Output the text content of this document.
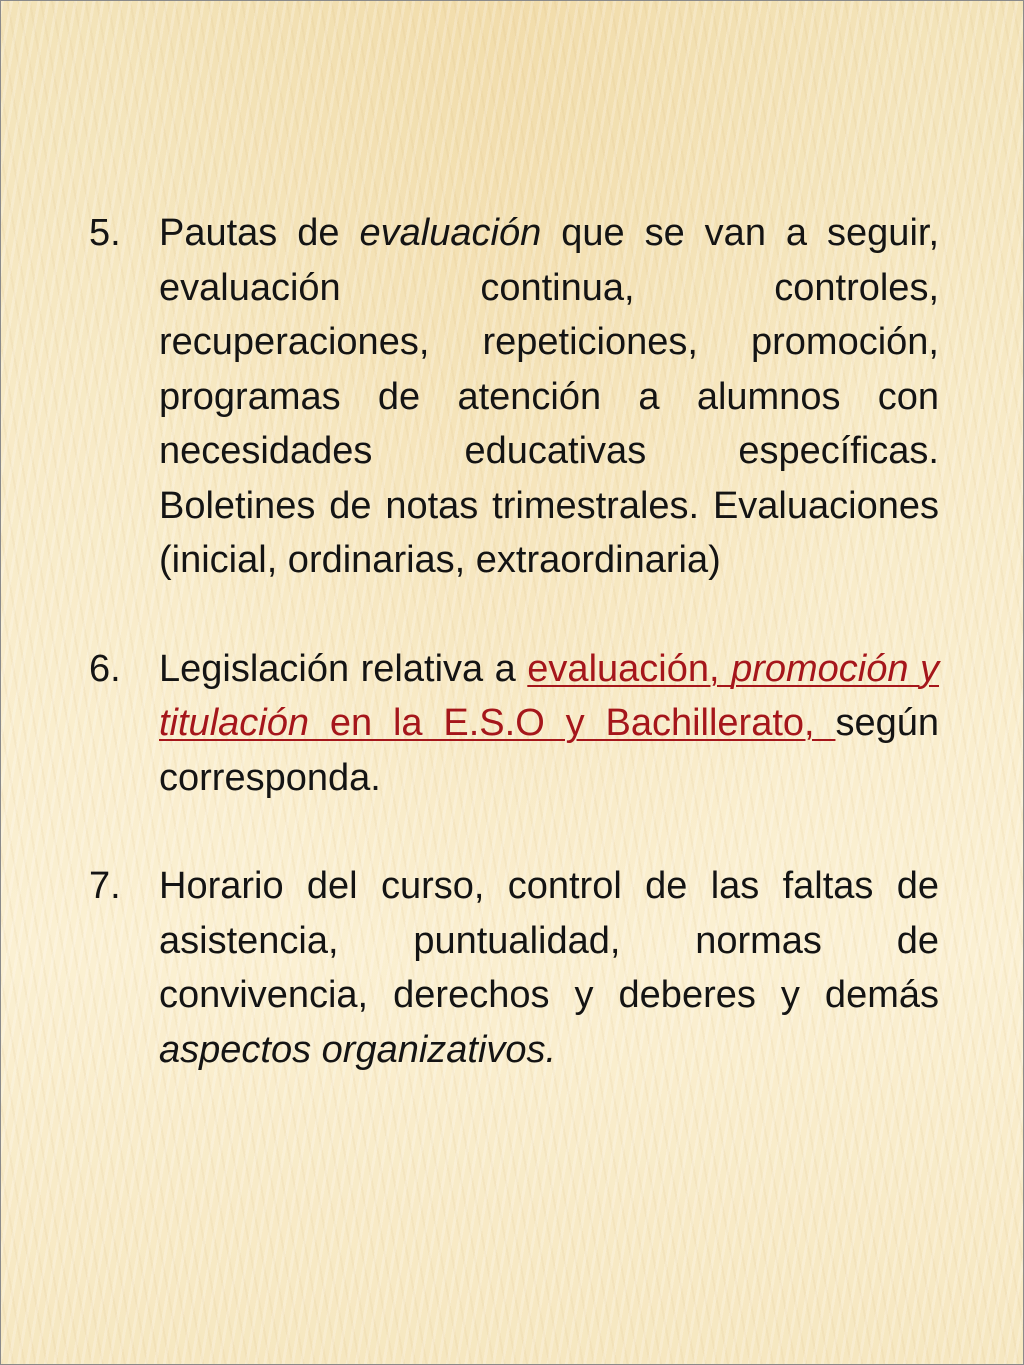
5. Pautas de evaluación que se van a seguir, evaluación continua, controles, recuperaciones, repeticiones, promoción, programas de atención a alumnos con necesidades educativas específicas. Boletines de notas trimestrales. Evaluaciones (inicial, ordinarias, extraordinaria)

6. Legislación relativa a evaluación, promoción y titulación en la E.S.O y Bachillerato, según corresponda.

7. Horario del curso, control de las faltas de asistencia, puntualidad, normas de convivencia, derechos y deberes y demás aspectos organizativos.
